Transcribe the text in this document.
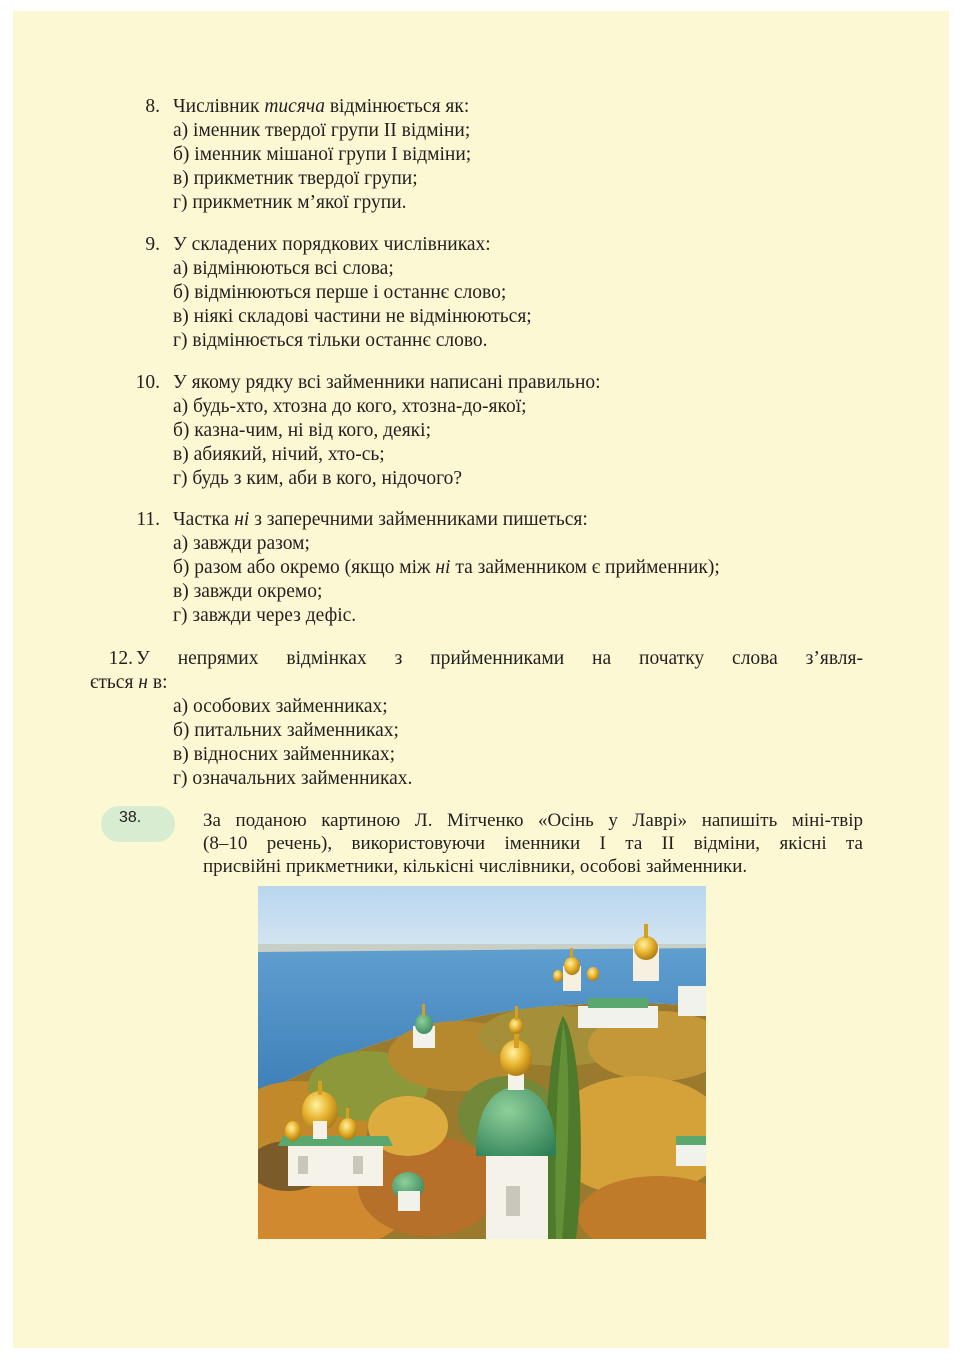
8. Числівник тисяча відмінюється як:
а) іменник твердої групи ІІ відміни;
б) іменник мішаної групи І відміни;
в) прикметник твердої групи;
г) прикметник м’якої групи.
9. У складених порядкових числівниках:
а) відмінюються всі слова;
б) відмінюються перше і останнє слово;
в) ніякі складові частини не відмінюються;
г) відмінюється тільки останнє слово.
10. У якому рядку всі займенники написані правильно:
а) будь-хто, хтозна до кого, хтозна-до-якої;
б) казна-чим, ні від кого, деякі;
в) абиякий, нічий, хто-сь;
г) будь з ким, аби в кого, нідочого?
11. Частка ні з заперечними займенниками пишеться:
а) завжди разом;
б) разом або окремо (якщо між ні та займенником є прийменник);
в) завжди окремо;
г) завжди через дефіс.
12. У непрямих відмінках з прийменниками на початку слова з’явля-
ється н в:
а) особових займенниках;
б) питальних займенниках;
в) відносних займенниках;
г) означальних займенниках.
38.	За поданою картиною Л. Мітченко «Осінь у Лаврі» напишіть міні-твір
(8–10 речень), використовуючи іменники І та ІІ відміни, якісні та
присвійні прикметники, кількісні числівники, особові займенники.
